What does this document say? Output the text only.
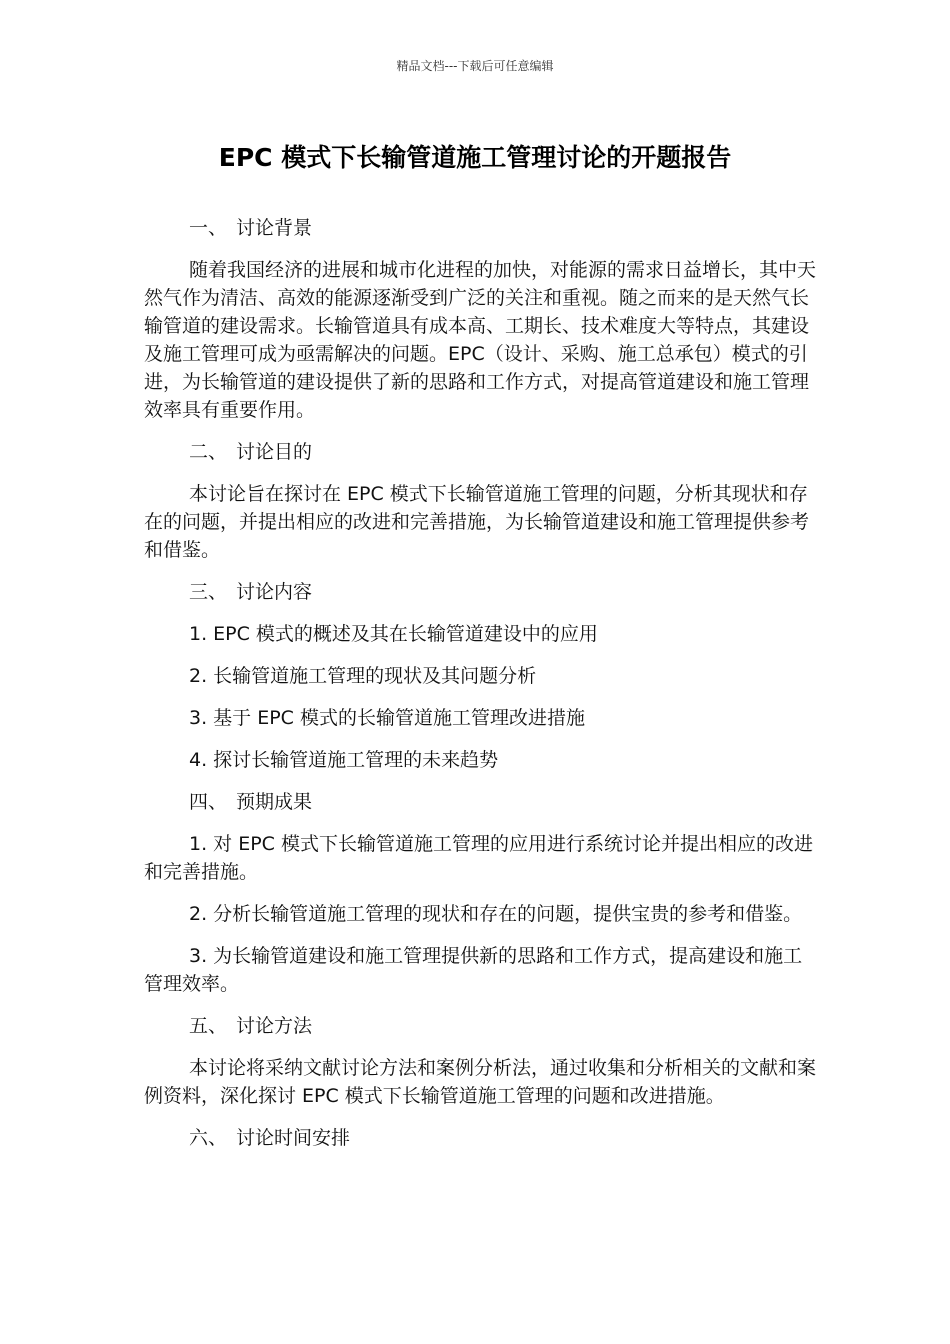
精品文档---下载后可任意编辑
EPC 模式下长输管道施工管理讨论的开题报告
一、 讨论背景
随着我国经济的进展和城市化进程的加快，对能源的需求日益增长，其中天然气作为清洁、高效的能源逐渐受到广泛的关注和重视。随之而来的是天然气长输管道的建设需求。长输管道具有成本高、工期长、技术难度大等特点，其建设及施工管理可成为亟需解决的问题。EPC（设计、采购、施工总承包）模式的引进，为长输管道的建设提供了新的思路和工作方式，对提高管道建设和施工管理效率具有重要作用。
二、 讨论目的
本讨论旨在探讨在 EPC 模式下长输管道施工管理的问题，分析其现状和存在的问题，并提出相应的改进和完善措施，为长输管道建设和施工管理提供参考和借鉴。
三、 讨论内容
1. EPC 模式的概述及其在长输管道建设中的应用
2. 长输管道施工管理的现状及其问题分析
3. 基于 EPC 模式的长输管道施工管理改进措施
4. 探讨长输管道施工管理的未来趋势
四、 预期成果
1. 对 EPC 模式下长输管道施工管理的应用进行系统讨论并提出相应的改进和完善措施。
2. 分析长输管道施工管理的现状和存在的问题，提供宝贵的参考和借鉴。
3. 为长输管道建设和施工管理提供新的思路和工作方式，提高建设和施工管理效率。
五、 讨论方法
本讨论将采纳文献讨论方法和案例分析法，通过收集和分析相关的文献和案例资料，深化探讨 EPC 模式下长输管道施工管理的问题和改进措施。
六、 讨论时间安排
